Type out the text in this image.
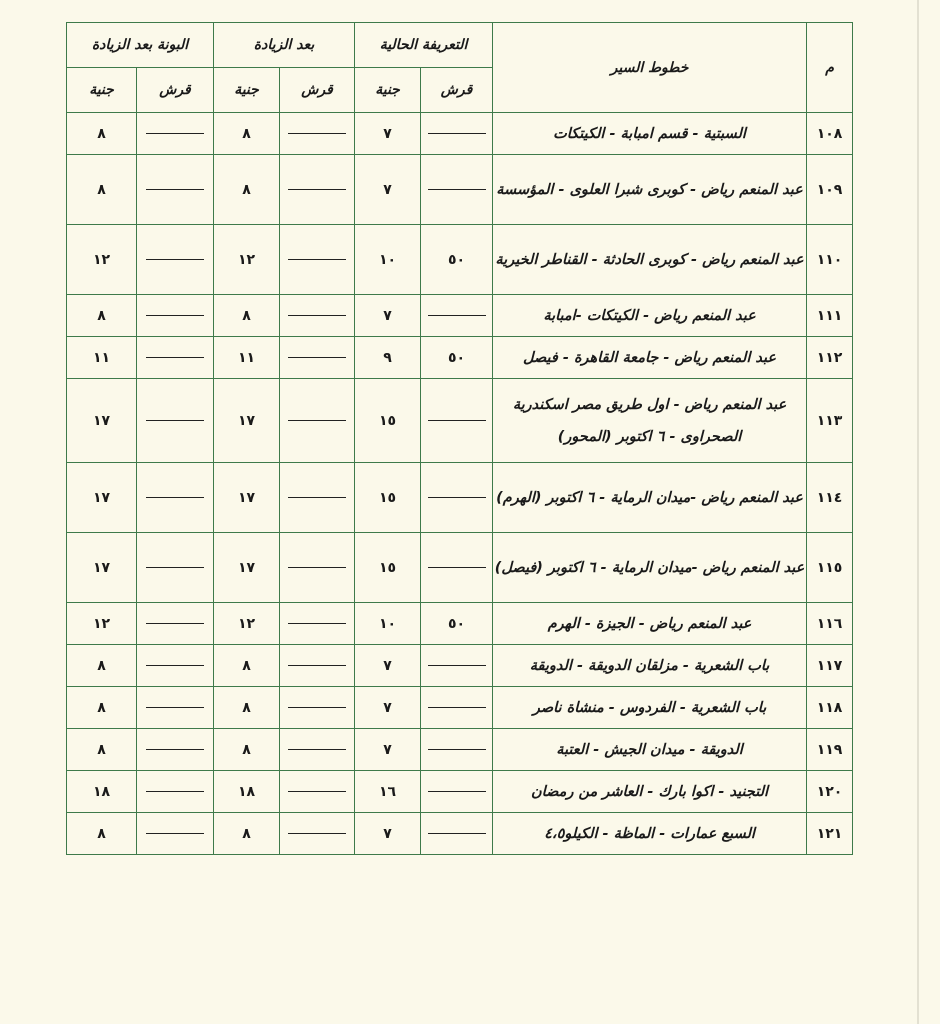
م	خطوط السير	التعريفة الحالية		بعد الزيادة		البونة بعد الزيادة	
		قرش	جنية	قرش	جنية	قرش	جنية
١٠٨	السبتية - قسم امبابة - الكيتكات		٧		٨		٨
١٠٩	عبد المنعم رياض - كوبرى شبرا العلوى - المؤسسة		٧		٨		٨
١١٠	عبد المنعم رياض - كوبرى الحادثة - القناطر الخيرية	٥٠	١٠		١٢		١٢
١١١	عبد المنعم رياض - الكيتكات -امبابة		٧		٨		٨
١١٢	عبد المنعم رياض - جامعة القاهرة - فيصل	٥٠	٩		١١		١١
١١٣	عبد المنعم رياض - اول طريق مصر اسكندرية الصحراوى - ٦ اكتوبر (المحور)		١٥		١٧		١٧
١١٤	عبد المنعم رياض -ميدان الرماية - ٦ اكتوبر (الهرم)		١٥		١٧		١٧
١١٥	عبد المنعم رياض -ميدان الرماية - ٦ اكتوبر (فيصل)		١٥		١٧		١٧
١١٦	عبد المنعم رياض - الجيزة - الهرم	٥٠	١٠		١٢		١٢
١١٧	باب الشعرية - مزلقان الدويقة - الدويقة		٧		٨		٨
١١٨	باب الشعرية - الفردوس - منشاة ناصر		٧		٨		٨
١١٩	الدويقة - ميدان الجيش - العتبة		٧		٨		٨
١٢٠	التجنيد - اكوا بارك - العاشر من رمضان		١٦		١٨		١٨
١٢١	السبع عمارات - الماظة - الكيلو٤،٥		٧		٨		٨
